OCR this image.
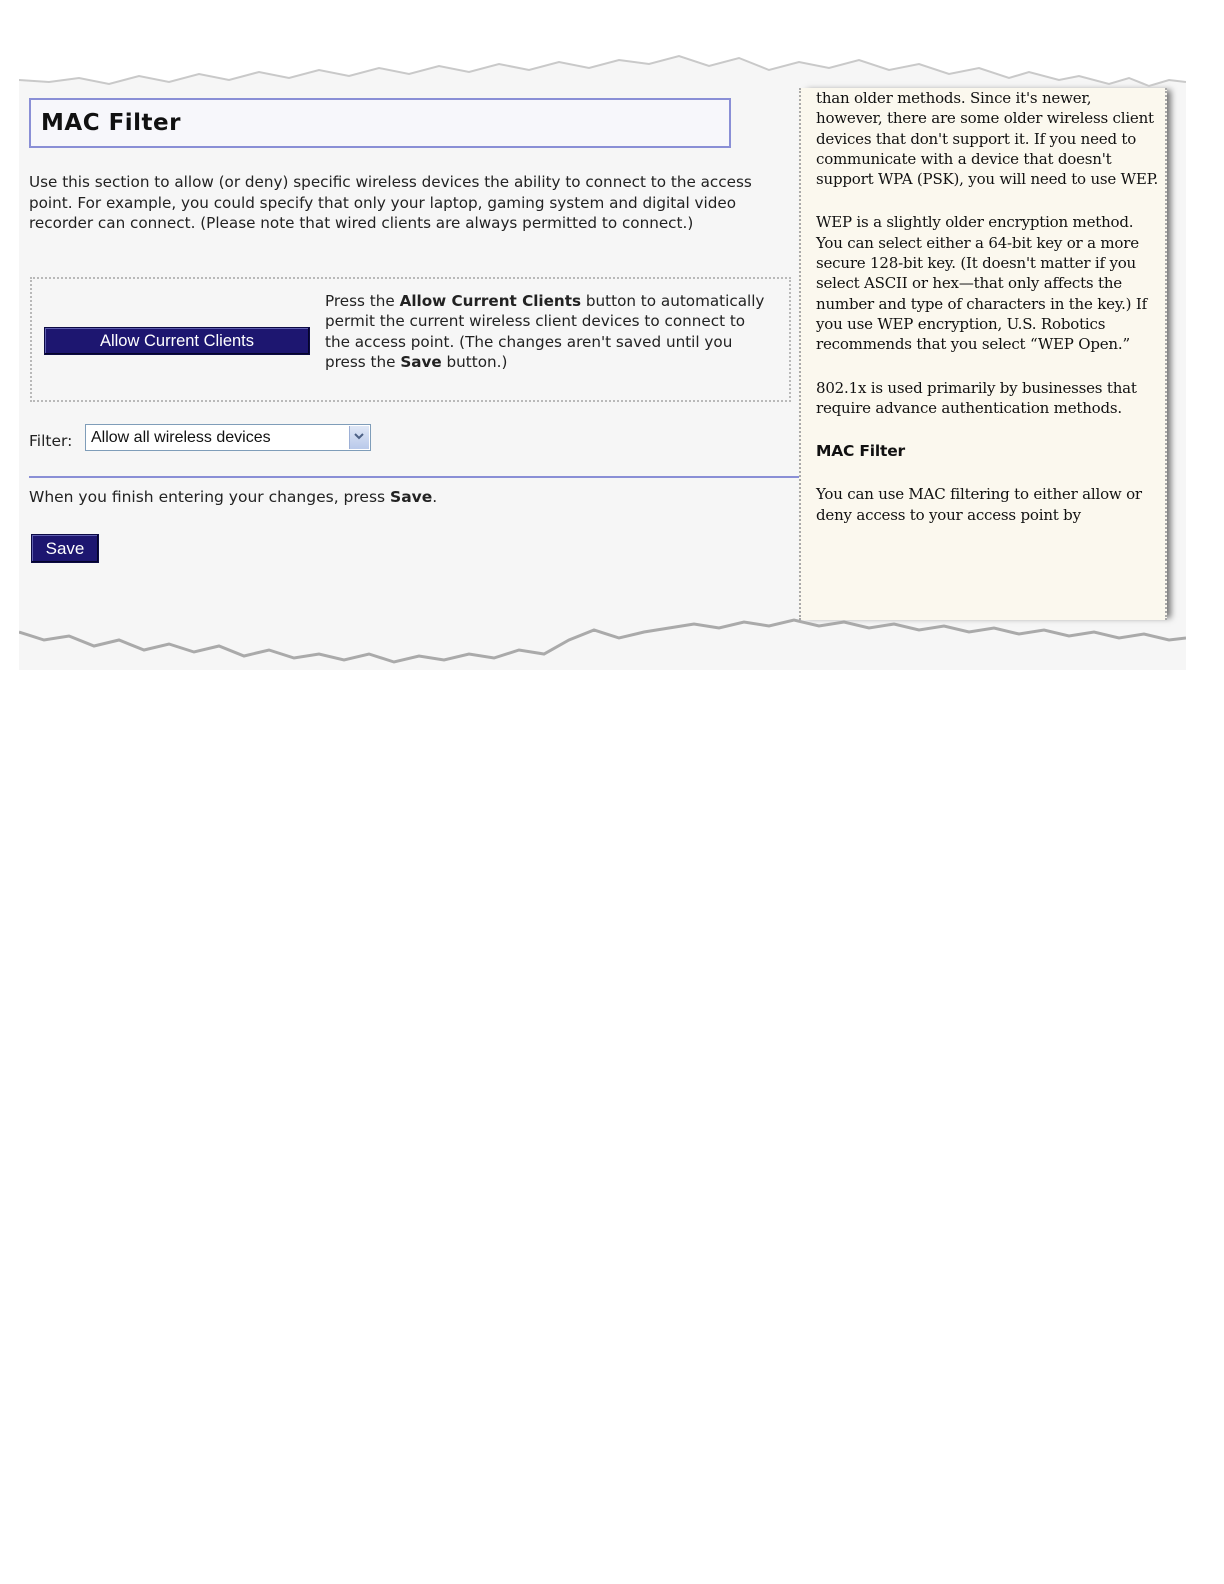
MAC Filter
Use this section to allow (or deny) specific wireless devices the ability to connect to the access point. For example, you could specify that only your laptop, gaming system and digital video recorder can connect. (Please note that wired clients are always permitted to connect.)
Allow Current Clients
Press the Allow Current Clients button to automatically permit the current wireless client devices to connect to the access point. (The changes aren't saved until you press the Save button.)
Filter: Allow all wireless devices
When you finish entering your changes, press Save.
Save

than older methods. Since it's newer, however, there are some older wireless client devices that don't support it. If you need to communicate with a device that doesn't support WPA (PSK), you will need to use WEP.

WEP is a slightly older encryption method. You can select either a 64-bit key or a more secure 128-bit key. (It doesn't matter if you select ASCII or hex—that only affects the number and type of characters in the key.) If you use WEP encryption, U.S. Robotics recommends that you select “WEP Open.”

802.1x is used primarily by businesses that require advance authentication methods.

MAC Filter

You can use MAC filtering to either allow or deny access to your access point by
